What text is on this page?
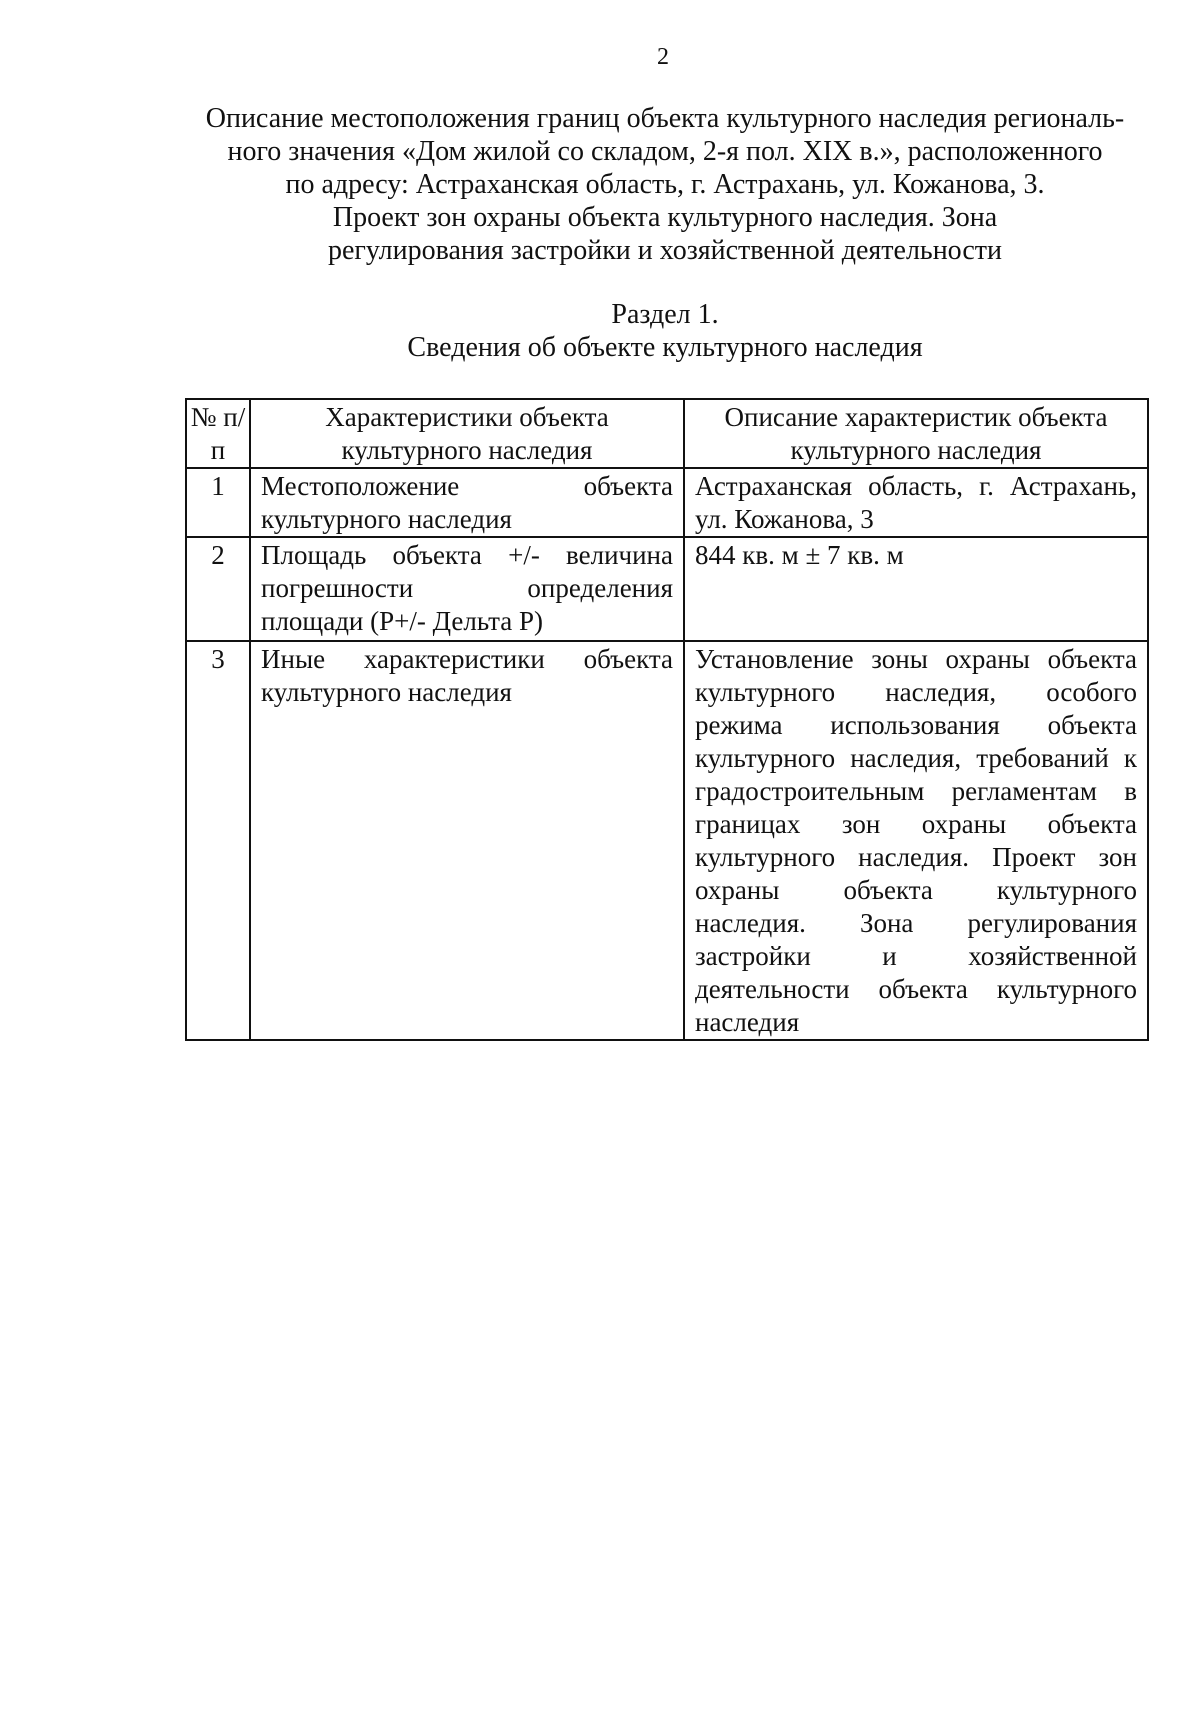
2
Описание местоположения границ объекта культурного наследия региональ-
ного значения «Дом жилой со складом, 2-я пол. XIX в.», расположенного
по адресу: Астраханская область, г. Астрахань, ул. Кожанова, 3.
Проект зон охраны объекта культурного наследия. Зона
регулирования застройки и хозяйственной деятельности
Раздел 1.
Сведения об объекте культурного наследия
№ п/п	Характеристики объекта культурного наследия	Описание характеристик объекта культурного наследия
1	Местоположение объекта культурного наследия	Астраханская область, г. Астрахань, ул. Кожанова, 3
2	Площадь объекта +/- величина погрешности определения площади (P+/- Дельта P)	844 кв. м ± 7 кв. м
3	Иные характеристики объекта культурного наследия	Установление зоны охраны объекта культурного наследия, особого режима использования объекта культурного наследия, требований к градостроительным регламентам в границах зон охраны объекта культурного наследия. Проект зон охраны объекта культурного наследия. Зона регулирования застройки и хозяйственной деятельности объекта культурного наследия
